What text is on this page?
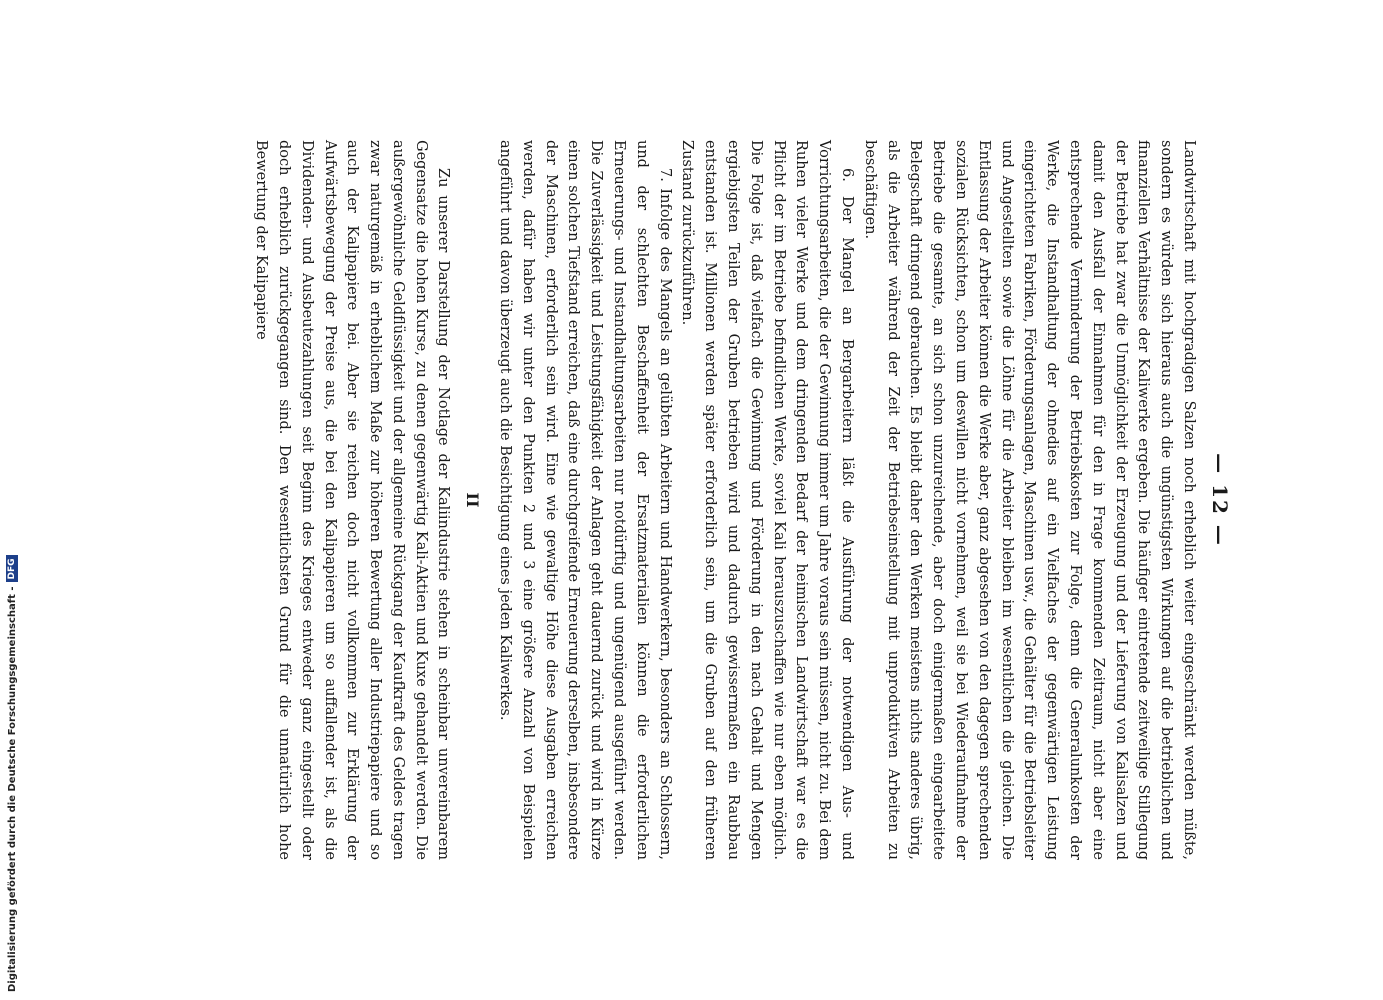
— 12 —

Landwirtschaft mit hochgradigen Salzen noch erheblich weiter eingeschränkt werden müßte, sondern es würden sich hieraus auch die ungünstigsten Wirkungen auf die betrieblichen und finanziellen Verhältnisse der Kaliwerke ergeben. Die häufiger eintretende zeitweilige Stillegung der Betriebe hat zwar die Unmöglichkeit der Erzeugung und der Lieferung von Kalisalzen und damit den Ausfall der Einnahmen für den in Frage kommenden Zeitraum, nicht aber eine entsprechende Verminderung der Betriebskosten zur Folge, denn die Generalunkosten der Werke, die Instandhaltung der ohnedies auf ein Vielfaches der gegenwärtigen Leistung eingerichteten Fabriken, Förderungsanlagen, Maschinen usw., die Gehälter für die Betriebsleiter und Angestellten sowie die Löhne für die Arbeiter bleiben im wesentlichen die gleichen. Die Entlassung der Arbeiter können die Werke aber, ganz abgesehen von den dagegen sprechenden sozialen Rücksichten, schon um deswillen nicht vornehmen, weil sie bei Wiederaufnahme der Betriebe die gesamte, an sich schon unzureichende, aber doch einigermaßen eingearbeitete Belegschaft dringend gebrauchen. Es bleibt daher den Werken meistens nichts anderes übrig, als die Arbeiter während der Zeit der Betriebseinstellung mit unproduktiven Arbeiten zu beschäftigen.

6. Der Mangel an Bergarbeitern läßt die Ausführung der notwendigen Aus- und Vorrichtungsarbeiten, die der Gewinnung immer um Jahre voraus sein müssen, nicht zu. Bei dem Ruhen vieler Werke und dem dringenden Bedarf der heimischen Landwirtschaft war es die Pflicht der im Betriebe befindlichen Werke, soviel Kali herauszuschaffen wie nur eben möglich. Die Folge ist, daß vielfach die Gewinnung und Förderung in den nach Gehalt und Mengen ergiebigsten Teilen der Gruben betrieben wird und dadurch gewissermaßen ein Raubbau entstanden ist. Millionen werden später erforderlich sein, um die Gruben auf den früheren Zustand zurückzuführen.

7. Infolge des Mangels an gelübten Arbeitern und Handwerkern, besonders an Schlossern, und der schlechten Beschaffenheit der Ersatzmaterialien können die erforderlichen Erneuerungs- und Instandhaltungsarbeiten nur notdürftig und ungenügend ausgeführt werden. Die Zuverlässigkeit und Leistungsfähigkeit der Anlagen geht dauernd zurück und wird in Kürze einen solchen Tiefstand erreichen, daß eine durchgreifende Erneuerung derselben, insbesondere der Maschinen, erforderlich sein wird. Eine wie gewaltige Höhe diese Ausgaben erreichen werden, dafür haben wir unter den Punkten 2 und 3 eine größere Anzahl von Beispielen angeführt und davon überzeugt auch die Besichtigung eines jeden Kaliwerkes.

II

Zu unserer Darstellung der Notlage der Kaliindustrie stehen in scheinbar unvereinbarem Gegensatze die hohen Kurse, zu denen gegenwärtig Kali-Aktien und Kuxe gehandelt werden. Die außergewöhnliche Geldflüssigkeit und der allgemeine Rückgang der Kaufkraft des Geldes tragen zwar naturgemäß in erheblichem Maße zur höheren Bewertung aller Industriepapiere und so auch der Kalipapiere bei. Aber sie reichen doch nicht vollkommen zur Erklärung der Aufwärtsbewegung der Preise aus, die bei den Kalipapieren um so auffallender ist, als die Dividenden- und Ausbeutezahlungen seit Beginn des Krieges entweder ganz eingestellt oder doch erheblich zurückgegangen sind. Den wesentlichsten Grund für die unnatürlich hohe Bewertung der Kalipapiere

Digitalisierung gefördert durch die Deutsche Forschungsgemeinschaft -
DFG
